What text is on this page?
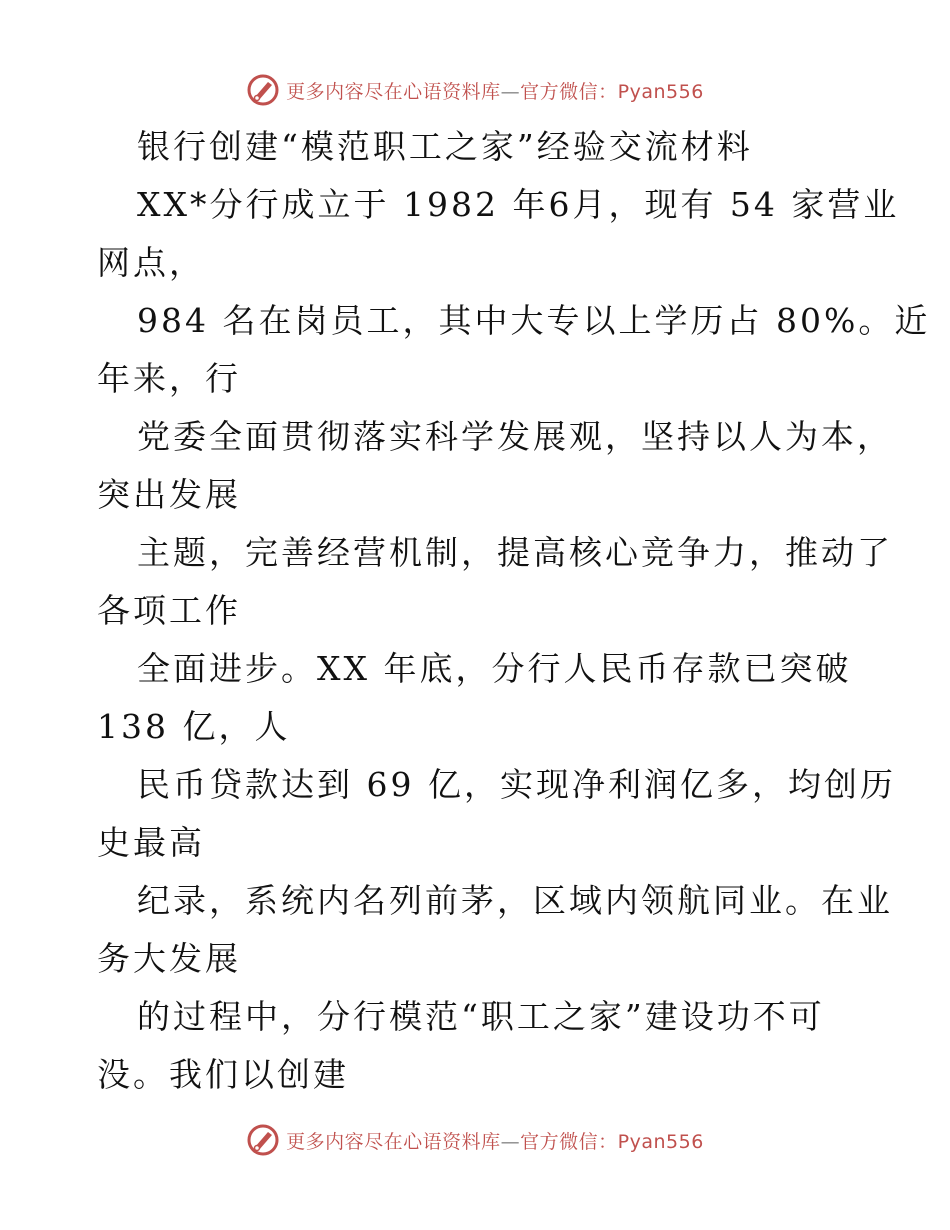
更多内容尽在心语资料库—官方微信：Pyan556
银行创建“模范职工之家”经验交流材料
XX*分行成立于 1982 年6月，现有 54 家营业
网点，
984 名在岗员工，其中大专以上学历占 80%。近
年来，行
党委全面贯彻落实科学发展观，坚持以人为本，
突出发展
主题，完善经营机制，提高核心竞争力，推动了
各项工作
全面进步。XX 年底，分行人民币存款已突破
138 亿，人
民币贷款达到 69 亿，实现净利润亿多，均创历
史最高
纪录，系统内名列前茅，区域内领航同业。在业
务大发展
的过程中，分行模范“职工之家”建设功不可
没。我们以创建
更多内容尽在心语资料库—官方微信：Pyan556
